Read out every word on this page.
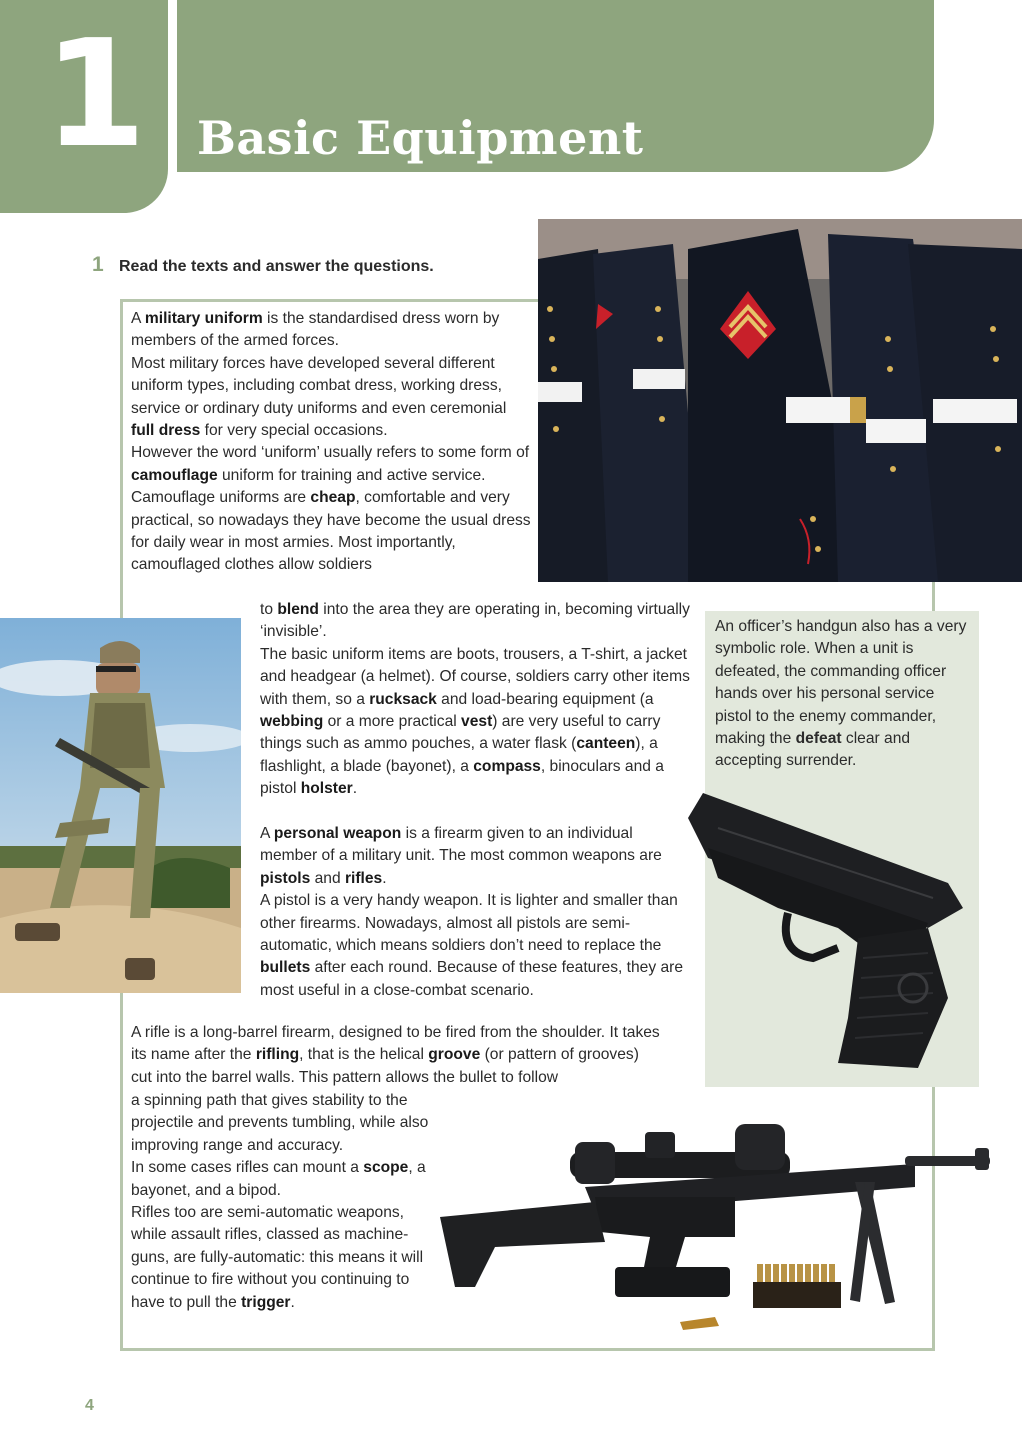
1 Basic Equipment
1 Read the texts and answer the questions.
An officer’s handgun also has a very symbolic role. When a unit is defeated, the commanding officer hands over his personal service pistol to the enemy commander, making the defeat clear and accepting surrender.

A military uniform is the standardised dress worn by members of the armed forces.

Most military forces have developed several different uniform types, including combat dress, working dress, service or ordinary duty uniforms and even ceremonial full dress for very special occasions.

However the word ‘uniform’ usually refers to some form of camouflage uniform for training and active service.

Camouflage uniforms are cheap, comfortable and very practical, so nowadays they have become the usual dress for daily wear in most armies. Most importantly, camouflaged clothes allow soldiers

to blend into the area they are operating in, becoming virtually ‘invisible’.

The basic uniform items are boots, trousers, a T-shirt, a jacket and headgear (a helmet). Of course, soldiers carry other items with them, so a rucksack and load-bearing equipment (a webbing or a more practical vest) are very useful to carry things such as ammo pouches, a water flask (canteen), a flashlight, a blade (bayonet), a compass, binoculars and a pistol holster.

A personal weapon is a firearm given to an individual member of a military unit. The most common weapons are pistols and rifles.

A pistol is a very handy weapon. It is lighter and smaller than other firearms. Nowadays, almost all pistols are semi-automatic, which means soldiers don’t need to replace the bullets after each round. Because of these features, they are most useful in a close-combat scenario.

A rifle is a long-barrel firearm, designed to be fired from the shoulder. It takes its name after the rifling, that is the helical groove (or pattern of grooves) cut into the barrel walls. This pattern allows the bullet to follow

a spinning path that gives stability to the projectile and prevents tumbling, while also improving range and accuracy.

In some cases rifles can mount a scope, a bayonet, and a bipod.

Rifles too are semi-automatic weapons, while assault rifles, classed as machine-guns, are fully-automatic: this means it will continue to fire without you continuing to have to pull the trigger.

4
